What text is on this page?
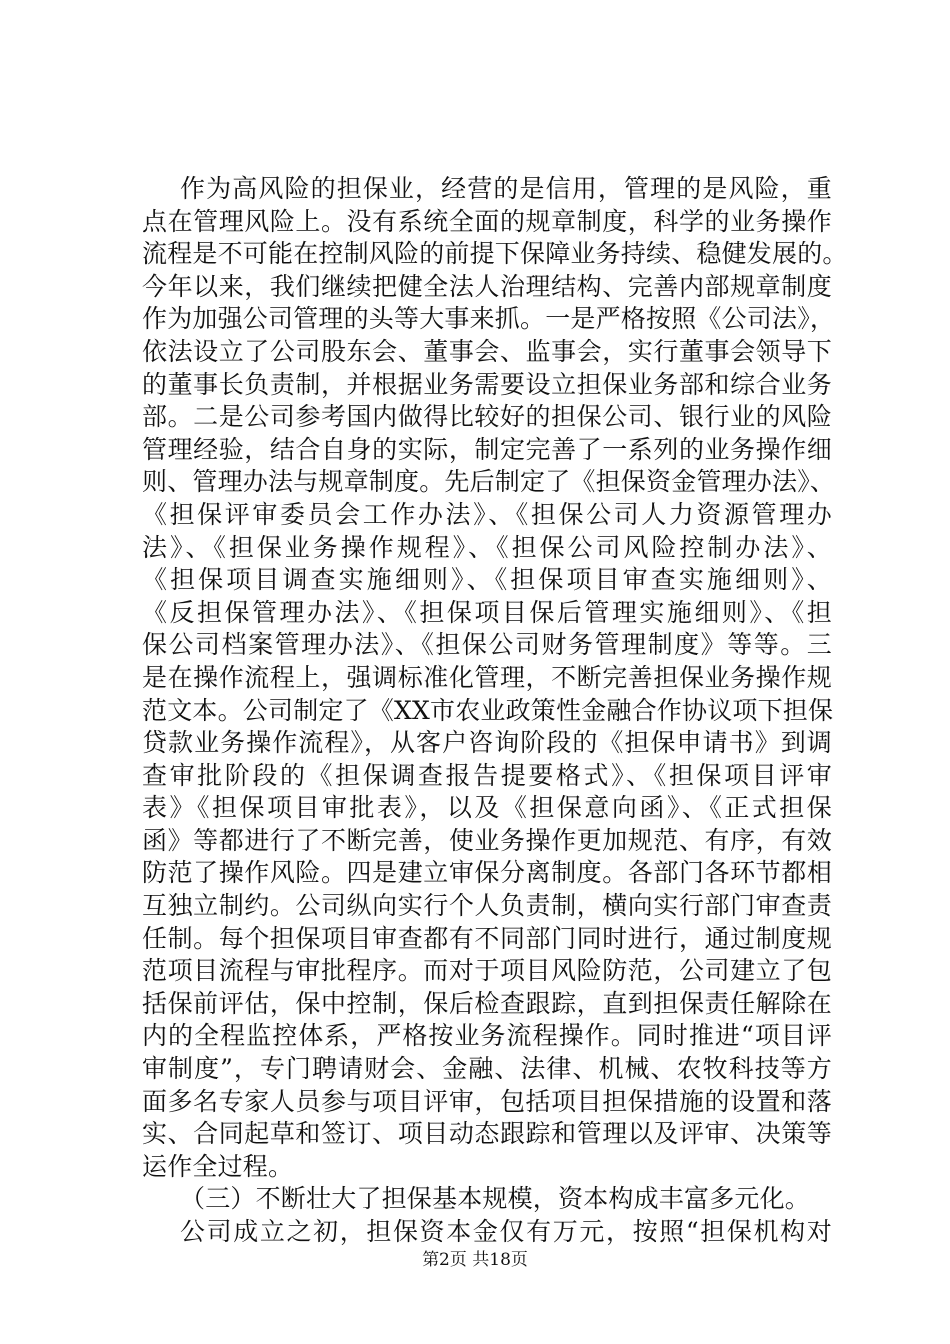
作为高风险的担保业，经营的是信用，管理的是风险，重
点在管理风险上。没有系统全面的规章制度，科学的业务操作
流程是不可能在控制风险的前提下保障业务持续、稳健发展的。
今年以来，我们继续把健全法人治理结构、完善内部规章制度
作为加强公司管理的头等大事来抓。一是严格按照《公司法》，
依法设立了公司股东会、董事会、监事会，实行董事会领导下
的董事长负责制，并根据业务需要设立担保业务部和综合业务
部。二是公司参考国内做得比较好的担保公司、银行业的风险
管理经验，结合自身的实际，制定完善了一系列的业务操作细
则、管理办法与规章制度。先后制定了《担保资金管理办法》、
《担保评审委员会工作办法》、《担保公司人力资源管理办
法》、《担保业务操作规程》、《担保公司风险控制办法》、
《担保项目调查实施细则》、《担保项目审查实施细则》、
《反担保管理办法》、《担保项目保后管理实施细则》、《担
保公司档案管理办法》、《担保公司财务管理制度》等等。三
是在操作流程上，强调标准化管理，不断完善担保业务操作规
范文本。公司制定了《XX市农业政策性金融合作协议项下担保
贷款业务操作流程》，从客户咨询阶段的《担保申请书》到调
查审批阶段的《担保调查报告提要格式》、《担保项目评审
表》《担保项目审批表》，以及《担保意向函》、《正式担保
函》等都进行了不断完善，使业务操作更加规范、有序，有效
防范了操作风险。四是建立审保分离制度。各部门各环节都相
互独立制约。公司纵向实行个人负责制，横向实行部门审查责
任制。每个担保项目审查都有不同部门同时进行，通过制度规
范项目流程与审批程序。而对于项目风险防范，公司建立了包
括保前评估，保中控制，保后检查跟踪，直到担保责任解除在
内的全程监控体系，严格按业务流程操作。同时推进“项目评
审制度”，专门聘请财会、金融、法律、机械、农牧科技等方
面多名专家人员参与项目评审，包括项目担保措施的设置和落
实、合同起草和签订、项目动态跟踪和管理以及评审、决策等
运作全过程。
（三）不断壮大了担保基本规模，资本构成丰富多元化。
公司成立之初，担保资本金仅有万元，按照“担保机构对
第2页 共18页
